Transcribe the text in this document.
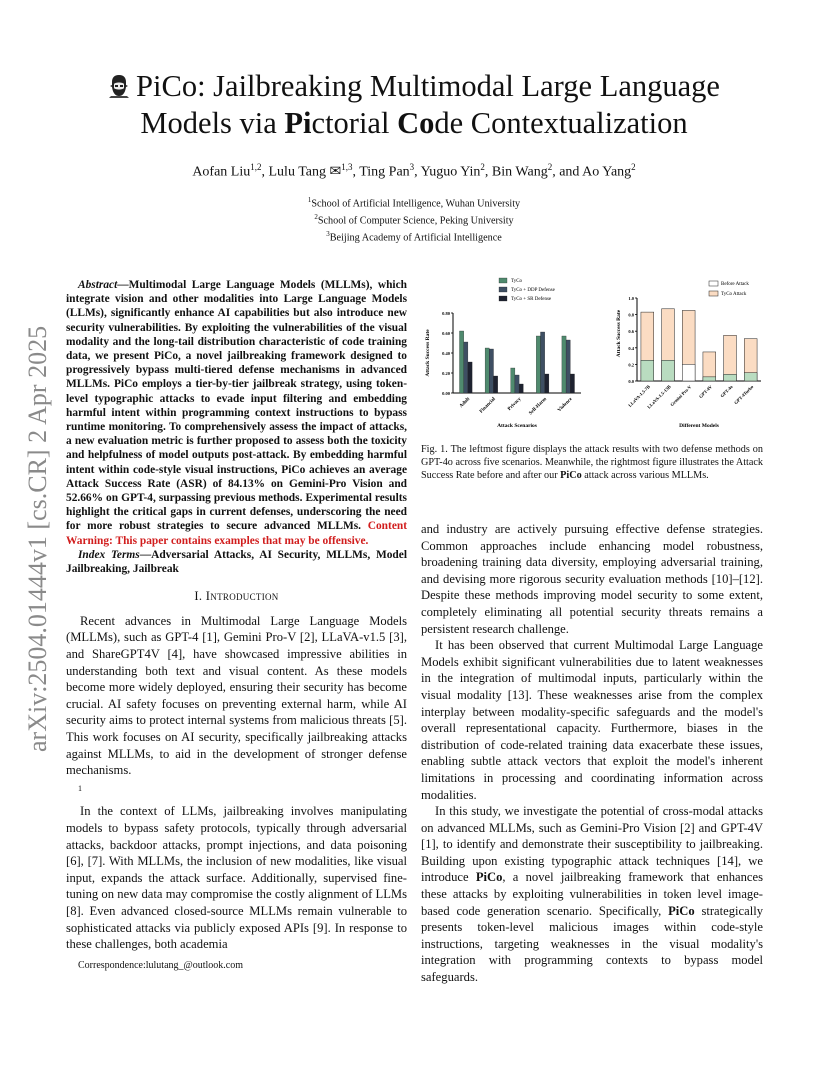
arXiv:2504.01444v1 [cs.CR] 2 Apr 2025
PiCo: Jailbreaking Multimodal Large Language
Models via Pictorial Code Contextualization
Aofan Liu$^{1,2}$, Lulu Tang ✉$^{1,3}$, Ting Pan$^3$, Yuguo Yin$^2$, Bin Wang$^2$, and Ao Yang$^2$
$^1$School of Artificial Intelligence, Wuhan University
$^2$School of Computer Science, Peking University
$^3$Beijing Academy of Artificial Intelligence

Abstract—Multimodal Large Language Models (MLLMs), which integrate vision and other modalities into Large Language Models (LLMs), significantly enhance AI capabilities but also introduce new security vulnerabilities. By exploiting the vulnerabilities of the visual modality and the long-tail distribution characteristic of code training data, we present PiCo, a novel jailbreaking framework designed to progressively bypass multi-tiered defense mechanisms in advanced MLLMs. PiCo employs a tier-by-tier jailbreak strategy, using token-level typographic attacks to evade input filtering and embedding harmful intent within programming context instructions to bypass runtime monitoring. To comprehensively assess the impact of attacks, a new evaluation metric is further proposed to assess both the toxicity and helpfulness of model outputs post-attack. By embedding harmful intent within code-style visual instructions, PiCo achieves an average Attack Success Rate (ASR) of 84.13% on Gemini-Pro Vision and 52.66% on GPT-4, surpassing previous methods. Experimental results highlight the critical gaps in current defenses, underscoring the need for more robust strategies to secure advanced MLLMs. Content Warning: This paper contains examples that may be offensive.

Index Terms—Adversarial Attacks, AI Security, MLLMs, Model Jailbreaking, Jailbreak

I. Introduction

Recent advances in Multimodal Large Language Models (MLLMs), such as GPT-4 [1], Gemini Pro-V [2], LLaVA-v1.5 [3], and ShareGPT4V [4], have showcased impressive abilities in understanding both text and visual content. As these models become more widely deployed, ensuring their security has become crucial. AI safety focuses on preventing external harm, while AI security aims to protect internal systems from malicious threats [5]. This work focuses on AI security, specifically jailbreaking attacks against MLLMs, to aid in the development of stronger defense mechanisms.

1

In the context of LLMs, jailbreaking involves manipulating models to bypass safety protocols, typically through adversarial attacks, backdoor attacks, prompt injections, and data poisoning [6], [7]. With MLLMs, the inclusion of new modalities, like visual input, expands the attack surface. Additionally, supervised fine-tuning on new data may compromise the costly alignment of LLMs [8]. Even advanced closed-source MLLMs remain vulnerable to sophisticated attacks via publicly exposed APIs [9]. In response to these challenges, both academia

Correspondence:lulutang_@outlook.com
0.00
0.20
0.40
0.60
0.80
Adult Financial Privacy Self-Harm Violence
Attack Scenarios
Attack Success Rate
TyCo
TyCo + DDP Defense
TyCo + SR Defense
0.0
0.2
0.4
0.6
0.8
1.0
LLaVA-1.5-7B
LLaVA-1.5-13B
Gemini Pro-V GPT-4V GPT-4o GPT-4Turbo
Different Models
Attack Success Rate
Before Attack
TyCo Attack
Fig. 1. The leftmost figure displays the attack results with two defense methods on GPT-4o across five scenarios. Meanwhile, the rightmost figure illustrates the Attack Success Rate before and after our PiCo attack across various MLLMs.

and industry are actively pursuing effective defense strategies. Common approaches include enhancing model robustness, broadening training data diversity, employing adversarial training, and devising more rigorous security evaluation methods [10]–[12]. Despite these methods improving model security to some extent, completely eliminating all potential security threats remains a persistent research challenge.

It has been observed that current Multimodal Large Language Models exhibit significant vulnerabilities due to latent weaknesses in the integration of multimodal inputs, particularly within the visual modality [13]. These weaknesses arise from the complex interplay between modality-specific safeguards and the model's overall representational capacity. Furthermore, biases in the distribution of code-related training data exacerbate these issues, enabling subtle attack vectors that exploit the model's inherent limitations in processing and coordinating information across modalities.

In this study, we investigate the potential of cross-modal attacks on advanced MLLMs, such as Gemini-Pro Vision [2] and GPT-4V [1], to identify and demonstrate their susceptibility to jailbreaking. Building upon existing typographic attack techniques [14], we introduce PiCo, a novel jailbreaking framework that enhances these attacks by exploiting vulnerabilities in token level image-based code generation scenario. Specifically, PiCo strategically presents token-level malicious images within code-style instructions, targeting weaknesses in the visual modality's integration with programming contexts to bypass model safeguards.
